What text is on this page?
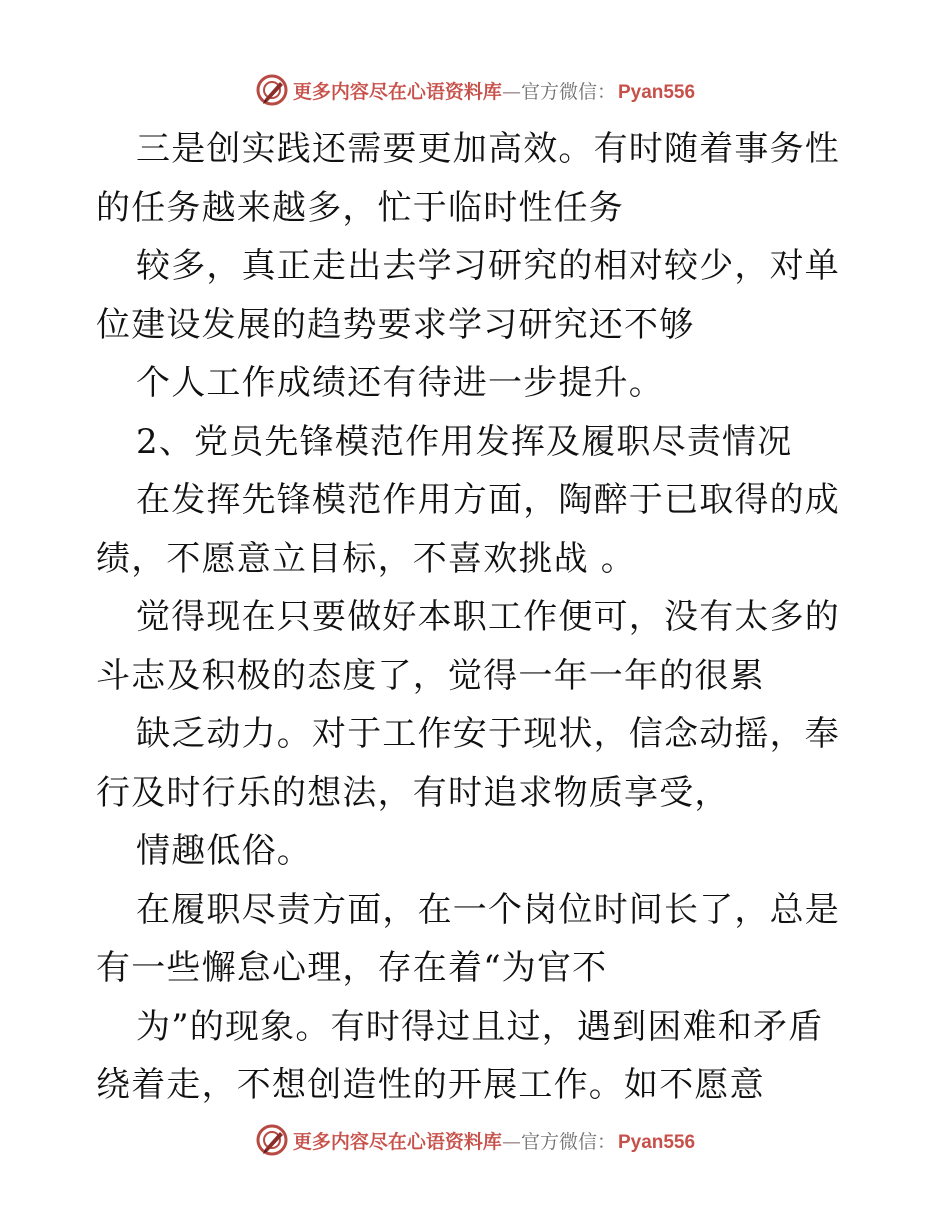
更多内容尽在心语资料库 — 官方微信： Pyan556

三是创实践还需要更加高效。有时随着事务性的任务越来越多，忙于临时性任务

较多，真正走出去学习研究的相对较少，对单位建设发展的趋势要求学习研究还不够

个人工作成绩还有待进一步提升。

2、党员先锋模范作用发挥及履职尽责情况

在发挥先锋模范作用方面，陶醉于已取得的成绩，不愿意立目标，不喜欢挑战 。

觉得现在只要做好本职工作便可，没有太多的斗志及积极的态度了，觉得一年一年的很累

缺乏动力。对于工作安于现状，信念动摇，奉行及时行乐的想法，有时追求物质享受，

情趣低俗。

在履职尽责方面，在一个岗位时间长了，总是有一些懈怠心理，存在着“为官不

为”的现象。有时得过且过，遇到困难和矛盾绕着走，不想创造性的开展工作。如不愿意

更多内容尽在心语资料库 — 官方微信： Pyan556
